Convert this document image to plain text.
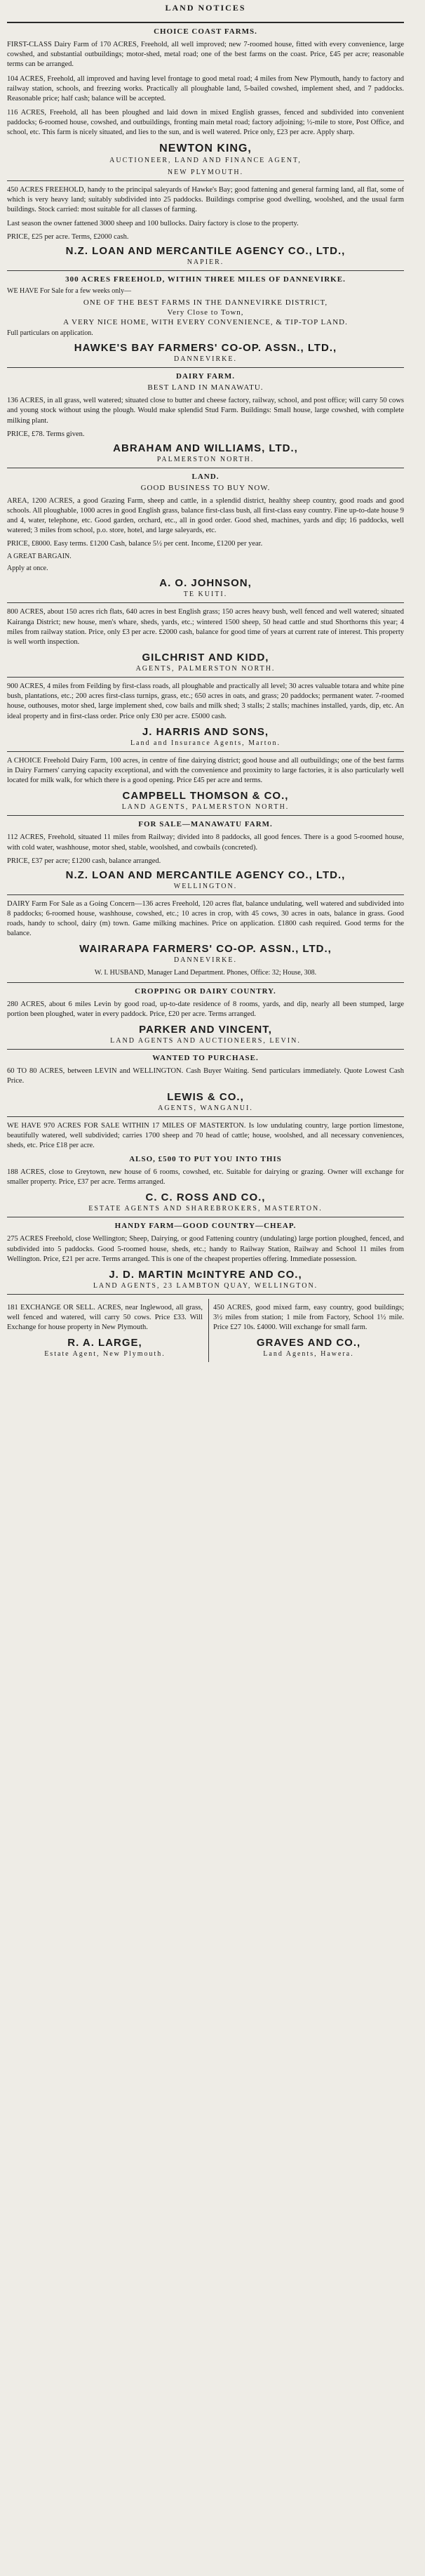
LAND NOTICES
CHOICE COAST FARMS.
FIRST-CLASS Dairy Farm of 170 ACRES, Freehold, all well improved; new 7-roomed house, fitted with every convenience, large cowshed, and substantial outbuildings; motor-shed, metal road; one of the best farms on the coast. Price, £45 per acre; reasonable terms can be arranged.
104 ACRES, Freehold, all improved and having level frontage to good metal road; 4 miles from New Plymouth, handy to factory and railway station, schools, and freezing works. Practically all ploughable land, 5-bailed cowshed, implement shed, and 7 paddocks. Reasonable price; half cash; balance will be accepted.
116 ACRES, Freehold, all has been ploughed and laid down in mixed English grasses, fenced and subdivided into convenient paddocks; 6-roomed house, cowshed, and outbuildings, fronting main metal road; factory adjoining; ½-mile to store, Post Office, and school, etc. This farm is nicely situated, and lies to the sun, and is well watered. Price only, £23 per acre. Apply sharp.
NEWTON KING,
AUCTIONEER, LAND AND FINANCE AGENT,
NEW PLYMOUTH.
450 ACRES FREEHOLD, handy to the principal saleyards of Hawke's Bay; good fattening and general farming land, all flat, some of which is very heavy land; suitably subdivided into 25 paddocks. Buildings comprise good dwelling, woolshed, and the usual farm buildings. Stock carried: most suitable for all classes of farming.
Last season the owner fattened 3000 sheep and 100 bullocks. Dairy factory is close to the property.
PRICE, £25 per acre. Terms, £2000 cash.
N.Z. LOAN AND MERCANTILE AGENCY CO., LTD.,
NAPIER.
300 ACRES FREEHOLD, WITHIN THREE MILES OF DANNEVIRKE.
WE HAVE For Sale for a few weeks only—
ONE OF THE BEST FARMS IN THE DANNEVIRKE DISTRICT,
Very Close to Town,
A VERY NICE HOME, WITH EVERY CONVENIENCE, & TIP-TOP LAND.
Full particulars on application.
HAWKE'S BAY FARMERS' CO-OP. ASSN., LTD.,
DANNEVIRKE.
DAIRY FARM.
BEST LAND IN MANAWATU.
136 ACRES, in all grass, well watered; situated close to butter and cheese factory, railway, school, and post office; will carry 50 cows and young stock without using the plough. Would make splendid Stud Farm. Buildings: Small house, large cowshed, with complete milking plant.
PRICE, £78. Terms given.
ABRAHAM AND WILLIAMS, LTD.,
PALMERSTON NORTH.
LAND.
GOOD BUSINESS TO BUY NOW.
AREA, 1200 ACRES, a good Grazing Farm, sheep and cattle, in a splendid district, healthy sheep country, good roads and good schools. All ploughable, 1000 acres in good English grass, balance first-class bush, all first-class easy country. Fine up-to-date house 9 and 4, water, telephone, etc. Good garden, orchard, etc., all in good order. Good shed, machines, yards and dip; 16 paddocks, well watered; 3 miles from school, p.o. store, hotel, and large saleyards, etc.
PRICE, £8000. Easy terms. £1200 Cash, balance 5½ per cent. Income, £1200 per year.
A GREAT BARGAIN.
Apply at once.
A. O. JOHNSON,
TE KUITI.
800 ACRES, about 150 acres rich flats, 640 acres in best English grass; 150 acres heavy bush, well fenced and well watered; situated Kairanga District; new house, men's whare, sheds, yards, etc.; wintered 1500 sheep, 50 head cattle and stud Shorthorns this year; 4 miles from railway station. Price, only £3 per acre. £2000 cash, balance for good time of years at current rate of interest. This property is well worth inspection.
GILCHRIST AND KIDD,
AGENTS, PALMERSTON NORTH.
900 ACRES, 4 miles from Feilding by first-class roads, all ploughable and practically all level; 30 acres valuable totara and white pine bush, plantations, etc.; 200 acres first-class turnips, grass, etc.; 650 acres in oats, and grass; 20 paddocks; permanent water. 7-roomed house, outhouses, motor shed, large implement shed, cow bails and milk shed; 3 stalls; 2 stalls; machines installed, yards, dip, etc. An ideal property and in first-class order. Price only £30 per acre. £5000 cash.
J. HARRIS AND SONS,
Land and Insurance Agents, Marton.
A CHOICE Freehold Dairy Farm, 100 acres, in centre of fine dairying district; good house and all outbuildings; one of the best farms in Dairy Farmers' carrying capacity exceptional, and with the convenience and proximity to large factories, it is also particularly well located for milk walk, for which there is a good opening. Price £45 per acre and terms.
CAMPBELL THOMSON & CO.,
LAND AGENTS, PALMERSTON NORTH.
FOR SALE—MANAWATU FARM.
112 ACRES, Freehold, situated 11 miles from Railway; divided into 8 paddocks, all good fences. There is a good 5-roomed house, with cold water, washhouse, motor shed, stable, woolshed, and cowbails (concreted).
PRICE, £37 per acre; £1200 cash, balance arranged.
N.Z. LOAN AND MERCANTILE AGENCY CO., LTD.,
WELLINGTON.
DAIRY Farm For Sale as a Going Concern—136 acres Freehold, 120 acres flat, balance undulating, well watered and subdivided into 8 paddocks; 6-roomed house, washhouse, cowshed, etc.; 10 acres in crop, with 45 cows, 30 acres in oats, balance in grass. Good roads, handy to school, dairy (m) town. Game milking machines. Price on application. £1800 cash required. Good terms for the balance.
WAIRARAPA FARMERS' CO-OP. ASSN., LTD.,
DANNEVIRKE.
W. I. HUSBAND, Manager Land Department. Phones, Office: 32; House, 308.
CROPPING OR DAIRY COUNTRY.
280 ACRES, about 6 miles Levin by good road, up-to-date residence of 8 rooms, yards, and dip, nearly all been stumped, large portion been ploughed, water in every paddock. Price, £20 per acre. Terms arranged.
PARKER AND VINCENT,
LAND AGENTS AND AUCTIONEERS, LEVIN.
WANTED TO PURCHASE.
60 TO 80 ACRES, between LEVIN and WELLINGTON. Cash Buyer Waiting. Send particulars immediately. Quote Lowest Cash Price.
LEWIS & CO.,
AGENTS, WANGANUI.
WE HAVE 970 ACRES FOR SALE WITHIN 17 MILES OF MASTERTON. Is low undulating country, large portion limestone, beautifully watered, well subdivided; carries 1700 sheep and 70 head of cattle; house, woolshed, and all necessary conveniences, sheds, etc. Price £18 per acre.
ALSO, £500 TO PUT YOU INTO THIS
188 ACRES, close to Greytown, new house of 6 rooms, cowshed, etc. Suitable for dairying or grazing. Owner will exchange for smaller property. Price, £37 per acre. Terms arranged.
C. C. ROSS AND CO.,
ESTATE AGENTS AND SHAREBROKERS, MASTERTON.
HANDY FARM—GOOD COUNTRY—CHEAP.
275 ACRES Freehold, close Wellington; Sheep, Dairying, or good Fattening country (undulating) large portion ploughed, fenced, and subdivided into 5 paddocks. Good 5-roomed house, sheds, etc.; handy to Railway Station, Railway and School 11 miles from Wellington. Price, £21 per acre. Terms arranged. This is one of the cheapest properties offering. Immediate possession.
J. D. MARTIN McINTYRE AND CO.,
LAND AGENTS, 23 LAMBTON QUAY, WELLINGTON.
181 EXCHANGE OR SELL. ACRES, near Inglewood, all grass, well fenced and watered, will carry 50 cows. Price £33. Will Exchange for house property in New Plymouth.
R. A. LARGE,
Estate Agent, New Plymouth.
450 ACRES, good mixed farm, easy country, good buildings; 3½ miles from station; 1 mile from Factory, School 1½ mile. Price £27 10s. £4000. Will exchange for small farm.
GRAVES AND CO.,
Land Agents, Hawera.
